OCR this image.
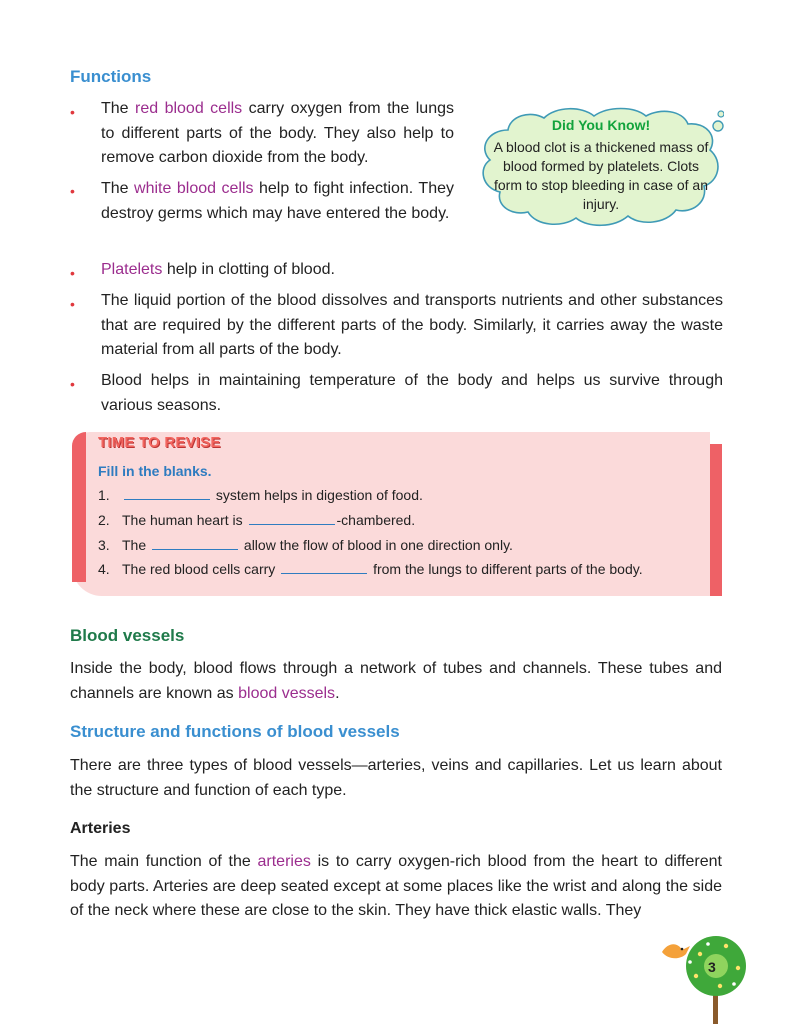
Functions
• The red blood cells carry oxygen from the lungs to different parts of the body. They also help to remove carbon dioxide from the body.
• The white blood cells help to fight infection. They destroy germs which may have entered the body.
• Platelets help in clotting of blood.
• The liquid portion of the blood dissolves and transports nutrients and other substances that are required by the different parts of the body. Similarly, it carries away the waste material from all parts of the body.
• Blood helps in maintaining temperature of the body and helps us survive through various seasons.
Did You Know!
A blood clot is a thickened mass of blood formed by platelets. Clots form to stop bleeding in case of an injury.
TIME TO REVISE
Fill in the blanks.
1.	system helps in digestion of food.
2. The human heart is	-chambered.
3. The	allow the flow of blood in one direction only.
4. The red blood cells carry	from the lungs to different parts of the body.
Blood vessels
Inside the body, blood flows through a network of tubes and channels. These tubes and channels are known as blood vessels.
Structure and functions of blood vessels
There are three types of blood vessels—arteries, veins and capillaries. Let us learn about the structure and function of each type.
Arteries
The main function of the arteries is to carry oxygen-rich blood from the heart to different body parts. Arteries are deep seated except at some places like the wrist and along the side of the neck where these are close to the skin. They have thick elastic walls. They
3
